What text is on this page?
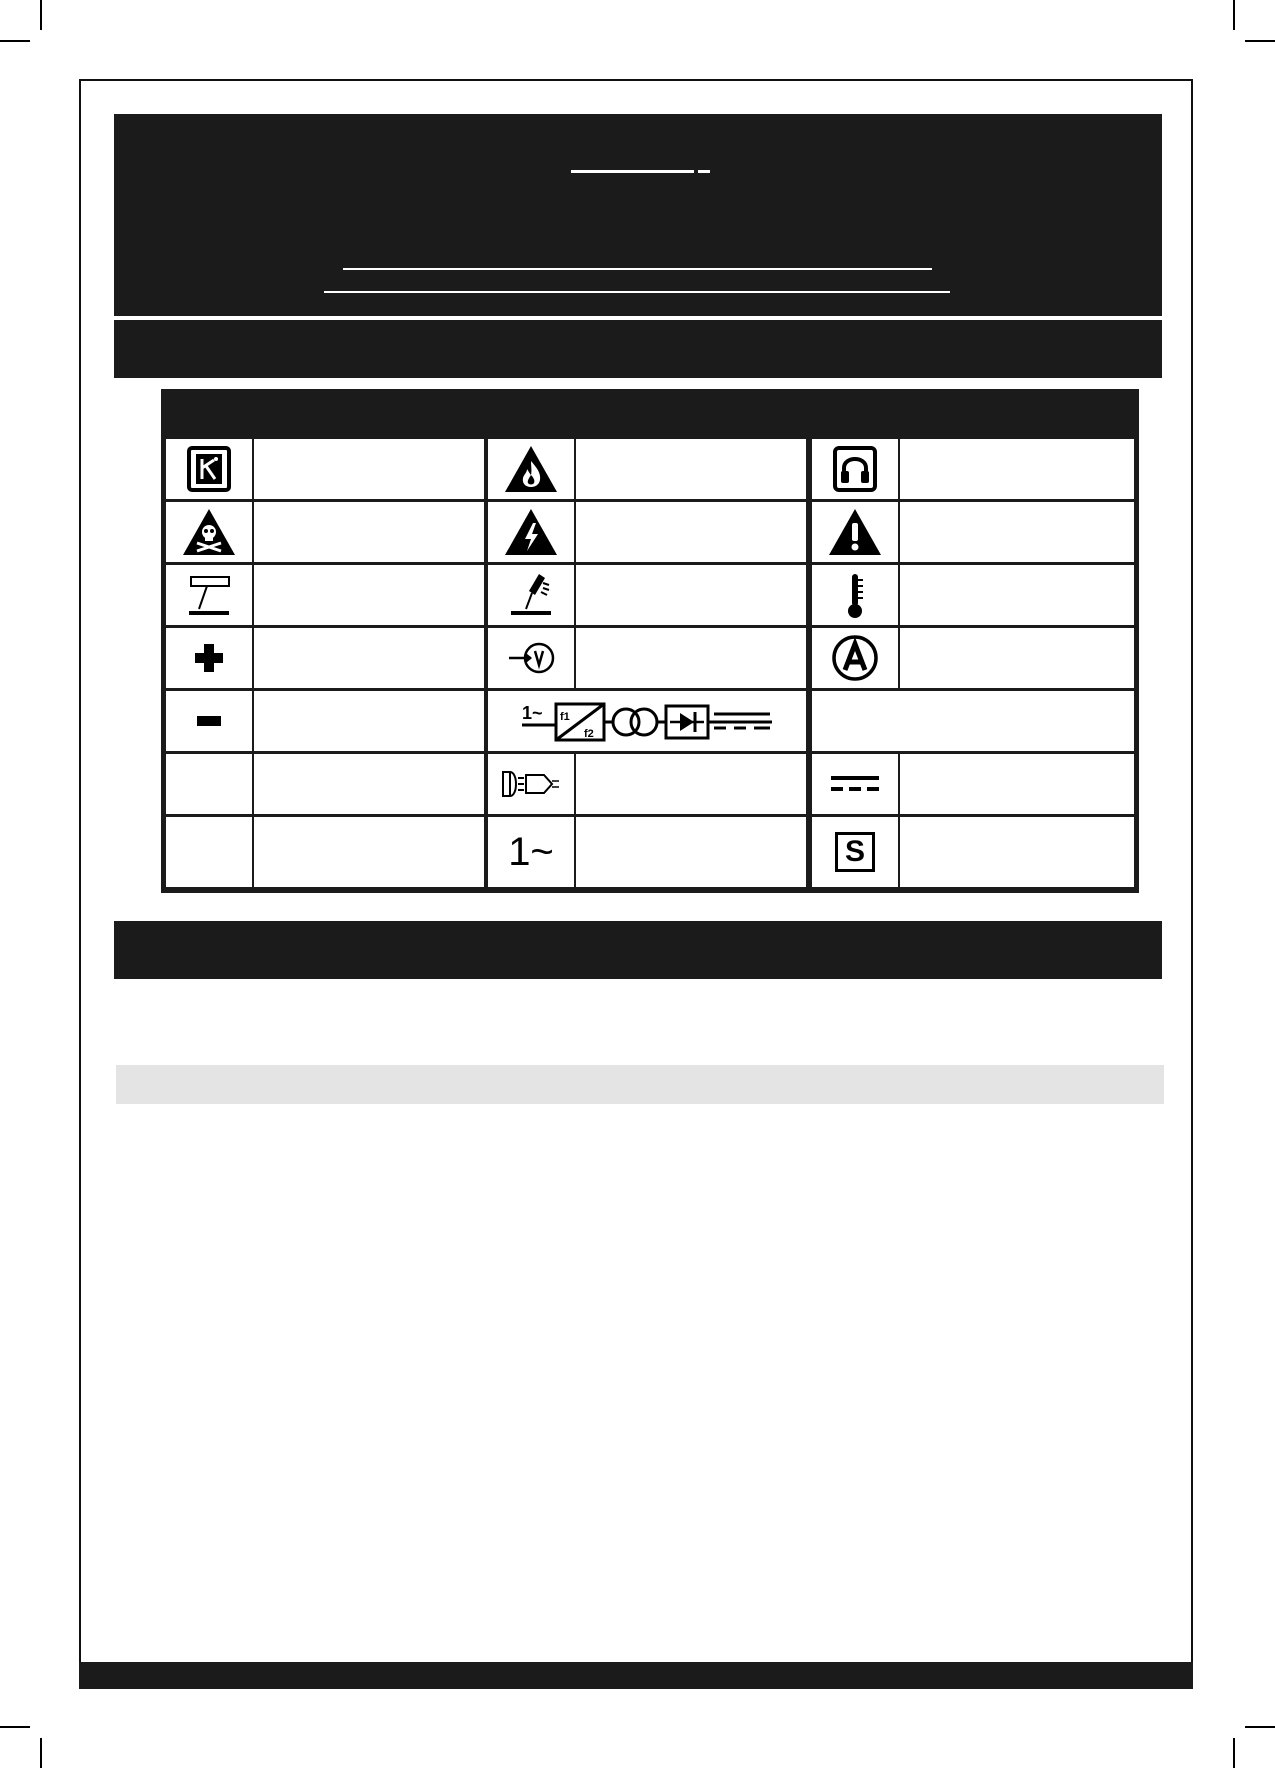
1~ f1
f2
1~	S
